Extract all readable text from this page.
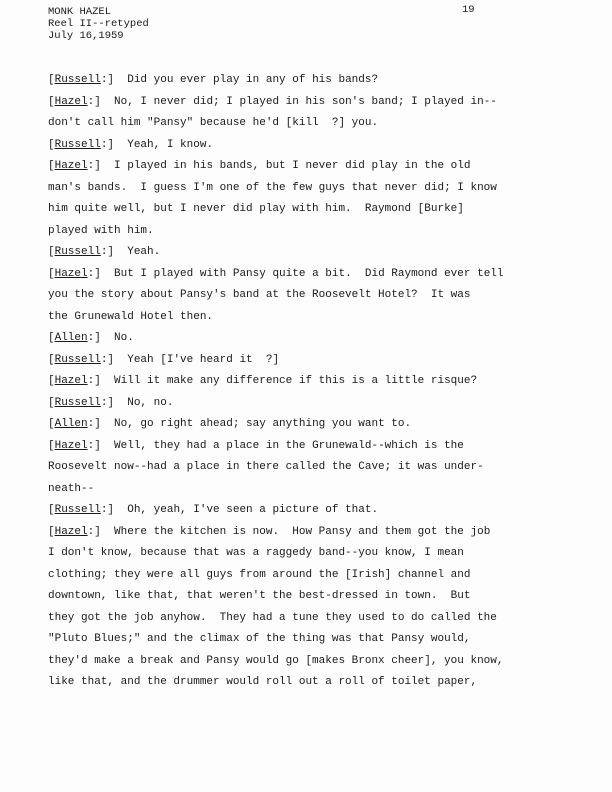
MONK HAZEL
Reel II--retyped
July 16,1959
19
[Russell:]  Did you ever play in any of his bands?
[Hazel:]  No, I never did; I played in his son's band; I played in--
don't call him "Pansy" because he'd [kill  ?] you.
[Russell:]  Yeah, I know.
[Hazel:]  I played in his bands, but I never did play in the old
man's bands.  I guess I'm one of the few guys that never did; I know
him quite well, but I never did play with him.  Raymond [Burke]
played with him.
[Russell:]  Yeah.
[Hazel:]  But I played with Pansy quite a bit.  Did Raymond ever tell
you the story about Pansy's band at the Roosevelt Hotel?  It was
the Grunewald Hotel then.
[Allen:]  No.
[Russell:]  Yeah [I've heard it  ?]
[Hazel:]  Will it make any difference if this is a little risque?
[Russell:]  No, no.
[Allen:]  No, go right ahead; say anything you want to.
[Hazel:]  Well, they had a place in the Grunewald--which is the
Roosevelt now--had a place in there called the Cave; it was under-
neath--
[Russell:]  Oh, yeah, I've seen a picture of that.
[Hazel:]  Where the kitchen is now.  How Pansy and them got the job
I don't know, because that was a raggedy band--you know, I mean
clothing; they were all guys from around the [Irish] channel and
downtown, like that, that weren't the best-dressed in town.  But
they got the job anyhow.  They had a tune they used to do called the
"Pluto Blues;" and the climax of the thing was that Pansy would,
they'd make a break and Pansy would go [makes Bronx cheer], you know,
like that, and the drummer would roll out a roll of toilet paper,
